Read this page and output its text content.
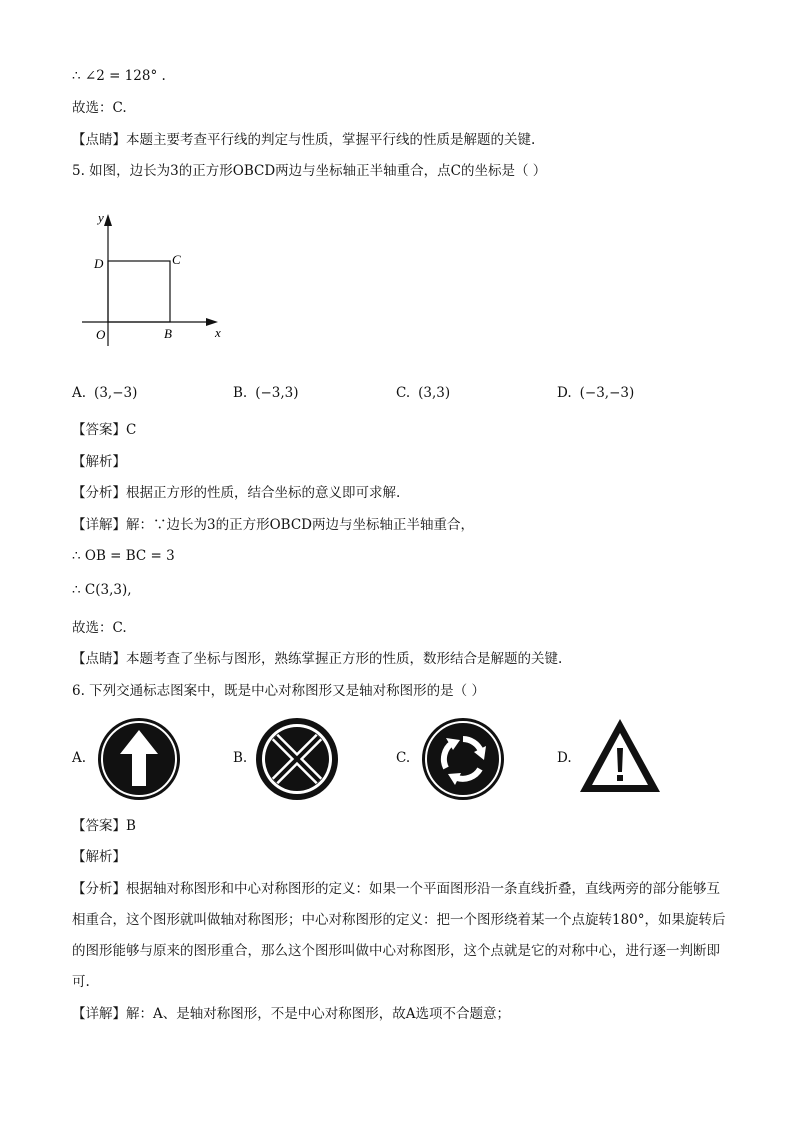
∴ ∠2 = 128° .
故选：C.
【点睛】本题主要考查平行线的判定与性质，掌握平行线的性质是解题的关键.
5. 如图，边长为3的正方形OBCD两边与坐标轴正半轴重合，点C的坐标是（ ）
y
x
O	B
C
D
A. (3,−3)	B. (−3,3)	C. (3,3)	D. (−3,−3)
【答案】C
【解析】
【分析】根据正方形的性质，结合坐标的意义即可求解.
【详解】解：∵边长为3的正方形OBCD两边与坐标轴正半轴重合，
∴ OB = BC = 3
∴ C(3,3),
故选：C.
【点睛】本题考查了坐标与图形，熟练掌握正方形的性质，数形结合是解题的关键.
6. 下列交通标志图案中，既是中心对称图形又是轴对称图形的是（ ）
A.	B.	C.	D.
【答案】B
【解析】
【分析】根据轴对称图形和中心对称图形的定义：如果一个平面图形沿一条直线折叠，直线两旁的部分能够互相重合，这个图形就叫做轴对称图形；中心对称图形的定义：把一个图形绕着某一个点旋转180°，如果旋转后的图形能够与原来的图形重合，那么这个图形叫做中心对称图形，这个点就是它的对称中心，进行逐一判断即可.
【详解】解：A、是轴对称图形，不是中心对称图形，故A选项不合题意；
